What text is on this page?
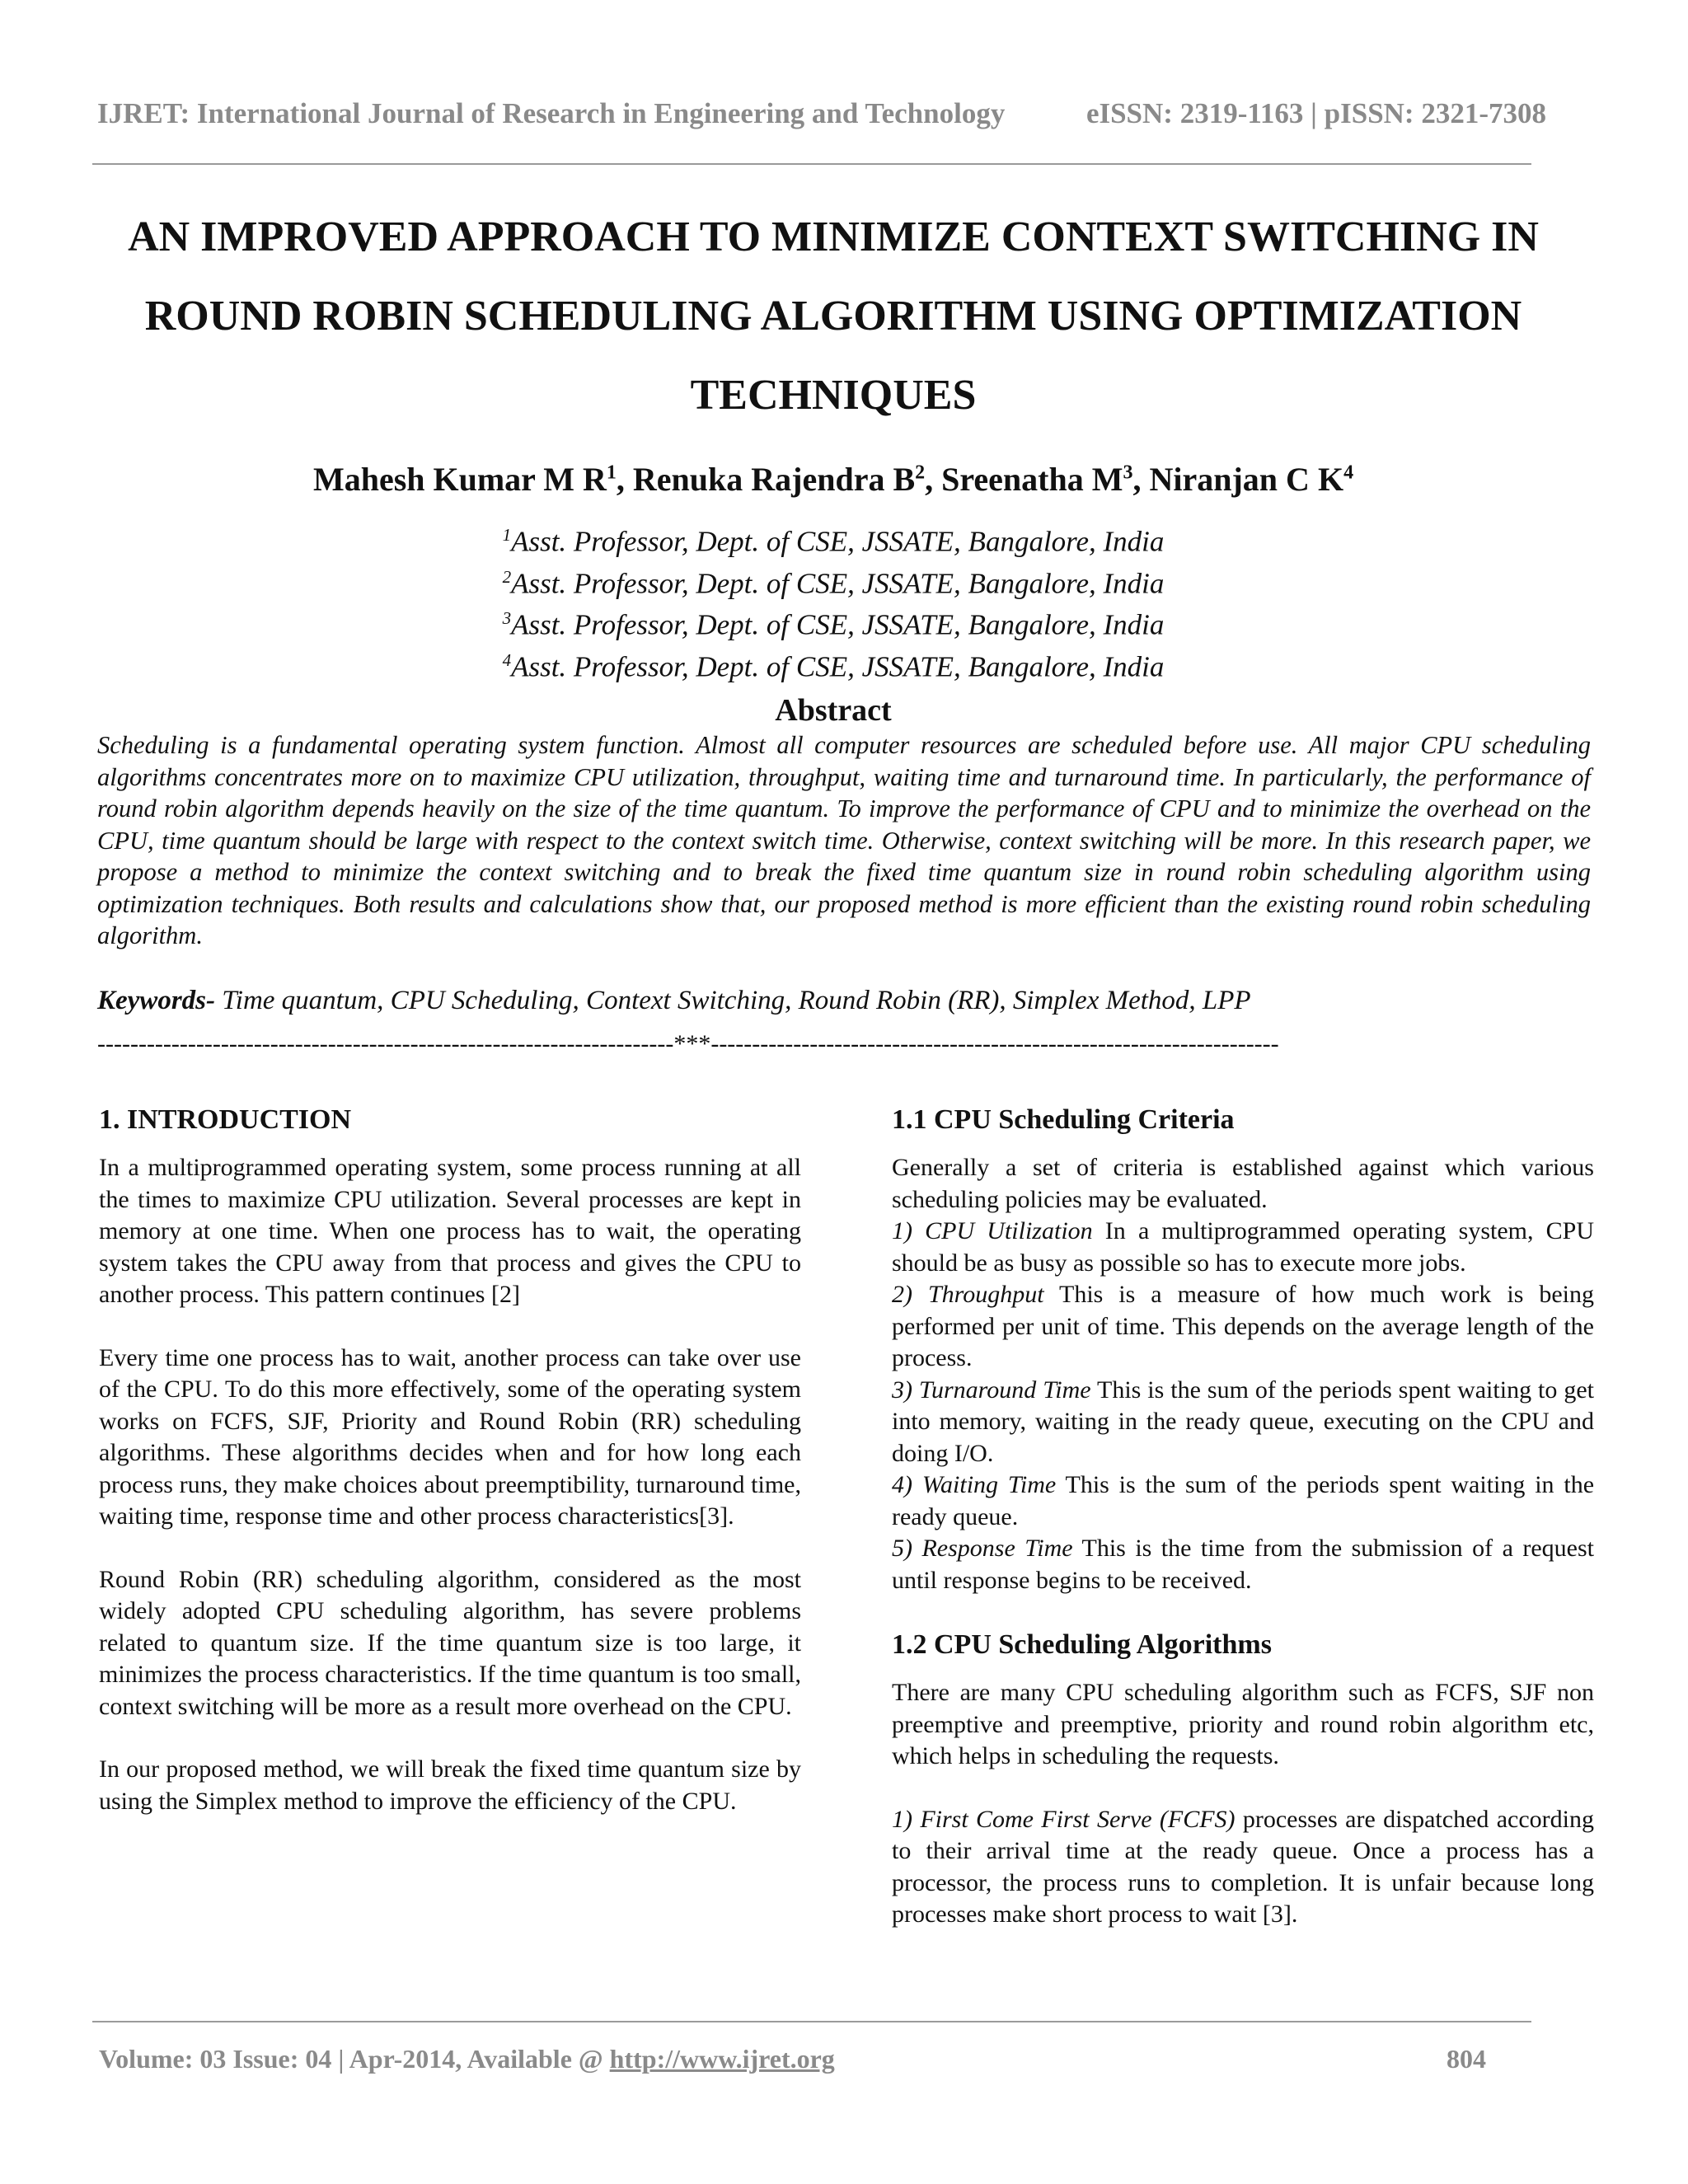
IJRET: International Journal of Research in Engineering and Technology	eISSN: 2319-1163 | pISSN: 2321-7308
AN IMPROVED APPROACH TO MINIMIZE CONTEXT SWITCHING IN ROUND ROBIN SCHEDULING ALGORITHM USING OPTIMIZATION TECHNIQUES
Mahesh Kumar M $R^1$, Renuka Rajendra $B^2$, Sreenatha $M^3$, Niranjan C $K^4$
$^1$Asst. Professor, Dept. of CSE, JSSATE, Bangalore, India
$^2$Asst. Professor, Dept. of CSE, JSSATE, Bangalore, India
$^3$Asst. Professor, Dept. of CSE, JSSATE, Bangalore, India
$^4$Asst. Professor, Dept. of CSE, JSSATE, Bangalore, India
Abstract
Scheduling is a fundamental operating system function. Almost all computer resources are scheduled before use. All major CPU scheduling algorithms concentrates more on to maximize CPU utilization, throughput, waiting time and turnaround time. In particularly, the performance of round robin algorithm depends heavily on the size of the time quantum. To improve the performance of CPU and to minimize the overhead on the CPU, time quantum should be large with respect to the context switch time. Otherwise, context switching will be more. In this research paper, we propose a method to minimize the context switching and to break the fixed time quantum size in round robin scheduling algorithm using optimization techniques. Both results and calculations show that, our proposed method is more efficient than the existing round robin scheduling algorithm.
Keywords- Time quantum, CPU Scheduling, Context Switching, Round Robin (RR), Simplex Method, LPP
----------------------------------------------------------------------***---------------------------------------------------------------------
1. INTRODUCTION

In a multiprogrammed operating system, some process running at all the times to maximize CPU utilization. Several processes are kept in memory at one time. When one process has to wait, the operating system takes the CPU away from that process and gives the CPU to another process. This pattern continues [2]

Every time one process has to wait, another process can take over use of the CPU. To do this more effectively, some of the operating system works on FCFS, SJF, Priority and Round Robin (RR) scheduling algorithms. These algorithms decides when and for how long each process runs, they make choices about preemptibility, turnaround time, waiting time, response time and other process characteristics[3].

Round Robin (RR) scheduling algorithm, considered as the most widely adopted CPU scheduling algorithm, has severe problems related to quantum size. If the time quantum size is too large, it minimizes the process characteristics. If the time quantum is too small, context switching will be more as a result more overhead on the CPU.

In our proposed method, we will break the fixed time quantum size by using the Simplex method to improve the efficiency of the CPU.

1.1 CPU Scheduling Criteria

Generally a set of criteria is established against which various scheduling policies may be evaluated.

1) CPU Utilization In a multiprogrammed operating system, CPU should be as busy as possible so has to execute more jobs.

2) Throughput This is a measure of how much work is being performed per unit of time. This depends on the average length of the process.

3) Turnaround Time This is the sum of the periods spent waiting to get into memory, waiting in the ready queue, executing on the CPU and doing I/O.

4) Waiting Time This is the sum of the periods spent waiting in the ready queue.

5) Response Time This is the time from the submission of a request until response begins to be received.

1.2 CPU Scheduling Algorithms

There are many CPU scheduling algorithm such as FCFS, SJF non preemptive and preemptive, priority and round robin algorithm etc, which helps in scheduling the requests.

1) First Come First Serve (FCFS) processes are dispatched according to their arrival time at the ready queue. Once a process has a processor, the process runs to completion. It is unfair because long processes make short process to wait [3].

Volume: 03 Issue: 04 | Apr-2014, Available @ http://www.ijret.org	804
